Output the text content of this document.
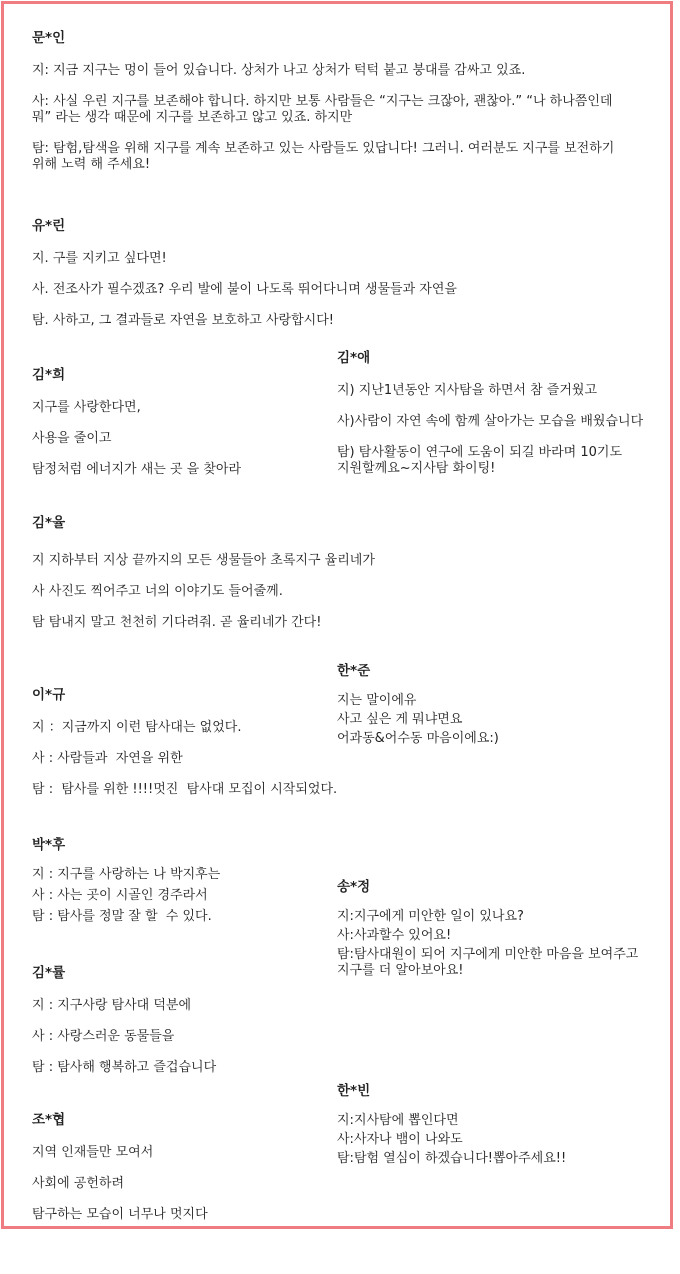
문*인
지: 지금 지구는 멍이 들어 있습니다. 상처가 나고 상처가 턱턱 붙고 붕대를 감싸고 있죠.
사: 사실 우린 지구를 보존해야 합니다. 하지만 보통 사람들은 “지구는 크잖아, 괜찮아.” “나 하나쯤인데
뭐” 라는 생각 때문에 지구를 보존하고 않고 있죠. 하지만
탐: 탐험,탐색을 위해 지구를 계속 보존하고 있는 사람들도 있답니다! 그러니. 여러분도 지구를 보전하기
위해 노력 해 주세요!
유*린
지. 구를 지키고 싶다면!
사. 전조사가 필수겠죠? 우리 발에 불이 나도록 뛰어다니며 생물들과 자연을
탐. 사하고, 그 결과들로 자연을 보호하고 사랑합시다!
김*희
지구를 사랑한다면,
사용을 줄이고
탐정처럼 에너지가 새는 곳 을 찾아라
김*애
지) 지난1년동안 지사탐을 하면서 참 즐거웠고
사)사람이 자연 속에 함께 살아가는 모습을 배웠습니다
탐) 탐사활동이 연구에 도움이 되길 바라며 10기도
지원할께요~지사탐 화이팅!
김*율
지 지하부터 지상 끝까지의 모든 생물들아 초록지구 율리네가
사 사진도 찍어주고 너의 이야기도 들어줄께.
탐 탐내지 말고 천천히 기다려줘. 곧 율리네가 간다!
한*준
지는 말이에유
사고 싶은 게 뭐냐면요
어과동&어수동 마음이에요:)
이*규
지 ：지금까지 이런 탐사대는 없었다.
사 : 사람들과  자연을 위한
탐 :  탐사를 위한 !!!!멋진  탐사대 모집이 시작되었다.
박*후
지 : 지구를 사랑하는 나 박지후는
사 : 사는 곳이 시골인 경주라서
탐 : 탐사를 정말 잘 할  수 있다.
송*정
지:지구에게 미안한 일이 있나요?
사:사과할수 있어요!
탐:탐사대원이 되어 지구에게 미안한 마음을 보여주고
지구를 더 알아보아요!
김*률
지 : 지구사랑 탐사대 덕분에
사 : 사랑스러운 동물들을
탐 : 탐사해 행복하고 즐겁습니다
한*빈
지:지사탐에 뽑인다면
사:사자나 뱀이 나와도
탐:탐험 열심이 하겠습니다!뽑아주세요!!
조*협
지역 인재들만 모여서
사회에 공헌하려
탐구하는 모습이 너무나 멋지다
